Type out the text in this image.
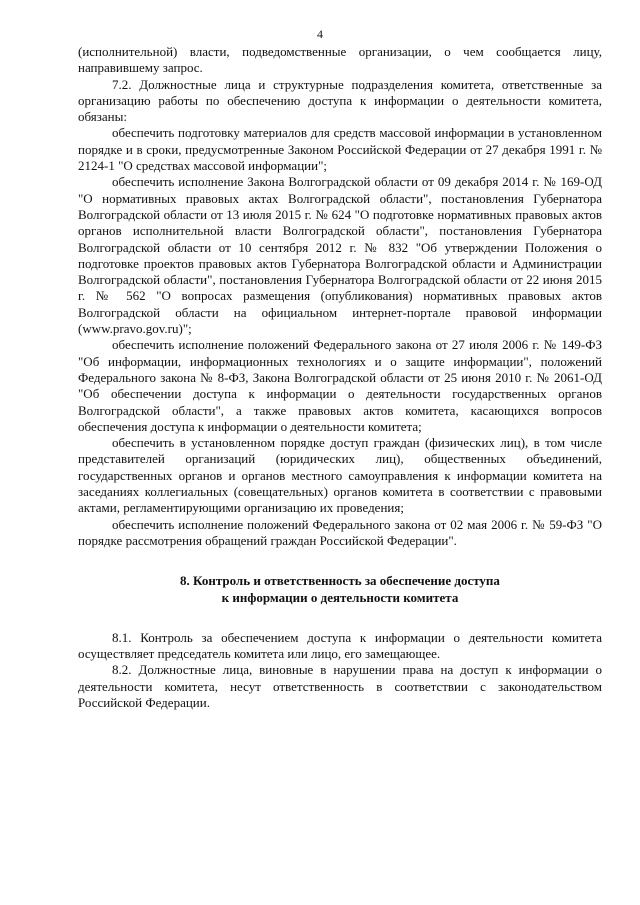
4

(исполнительной) власти, подведомственные организации, о чем сообщается лицу, направившему запрос.

7.2. Должностные лица и структурные подразделения комитета, ответственные за организацию работы по обеспечению доступа к информации о деятельности комитета, обязаны:

обеспечить подготовку материалов для средств массовой информации в установленном порядке и в сроки, предусмотренные Законом Российской Федерации от 27 декабря 1991 г. № 2124-1 "О средствах массовой информации";

обеспечить исполнение Закона Волгоградской области от 09 декабря 2014 г. № 169-ОД "О нормативных правовых актах Волгоградской области", постановления Губернатора Волгоградской области от 13 июля 2015 г. № 624 "О подготовке нормативных правовых актов органов исполнительной власти Волгоградской области", постановления Губернатора Волгоградской области от 10 сентября 2012 г. № 832 "Об утверждении Положения о подготовке проектов правовых актов Губернатора Волгоградской области и Администрации Волгоградской области", постановления Губернатора Волгоградской области от 22 июня 2015 г. № 562 "О вопросах размещения (опубликования) нормативных правовых актов Волгоградской области на официальном интернет-портале правовой информации (www.pravo.gov.ru)";

обеспечить исполнение положений Федерального закона от 27 июля 2006 г. № 149-ФЗ "Об информации, информационных технологиях и о защите информации", положений Федерального закона № 8-ФЗ, Закона Волгоградской области от 25 июня 2010 г. № 2061-ОД "Об обеспечении доступа к информации о деятельности государственных органов Волгоградской области", а также правовых актов комитета, касающихся вопросов обеспечения доступа к информации о деятельности комитета;

обеспечить в установленном порядке доступ граждан (физических лиц), в том числе представителей организаций (юридических лиц), общественных объединений, государственных органов и органов местного самоуправления к информации комитета на заседаниях коллегиальных (совещательных) органов комитета в соответствии с правовыми актами, регламентирующими организацию их проведения;

обеспечить исполнение положений Федерального закона от 02 мая 2006 г. № 59-ФЗ "О порядке рассмотрения обращений граждан Российской Федерации".

8. Контроль и ответственность за обеспечение доступа
к информации о деятельности комитета

8.1. Контроль за обеспечением доступа к информации о деятельности комитета осуществляет председатель комитета или лицо, его замещающее.

8.2. Должностные лица, виновные в нарушении права на доступ к информации о деятельности комитета, несут ответственность в соответствии с законодательством Российской Федерации.
